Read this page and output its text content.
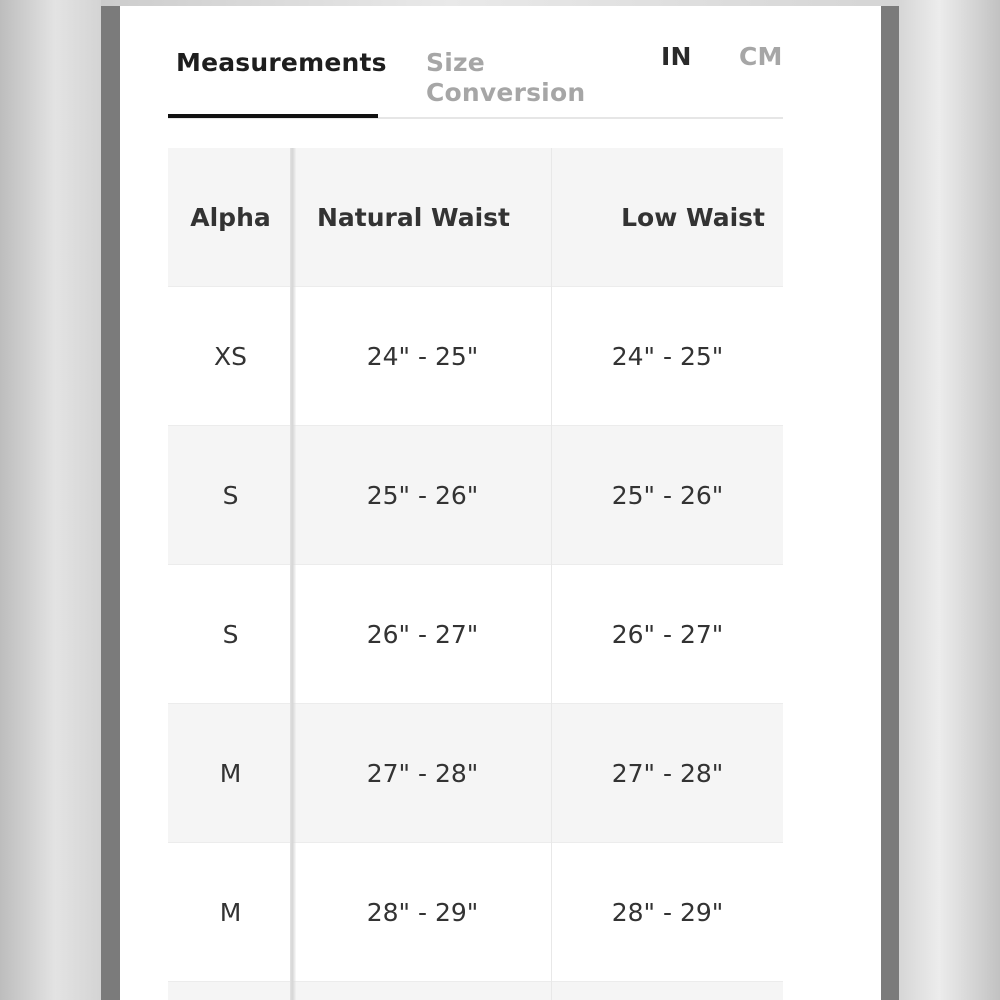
Measurements Size
Conversion
IN CM
Alpha	Natural Waist	Low Waist
XS	24" - 25"	24" - 25"
S	25" - 26"	25" - 26"
S	26" - 27"	26" - 27"
M	27" - 28"	27" - 28"
M	28" - 29"	28" - 29"
